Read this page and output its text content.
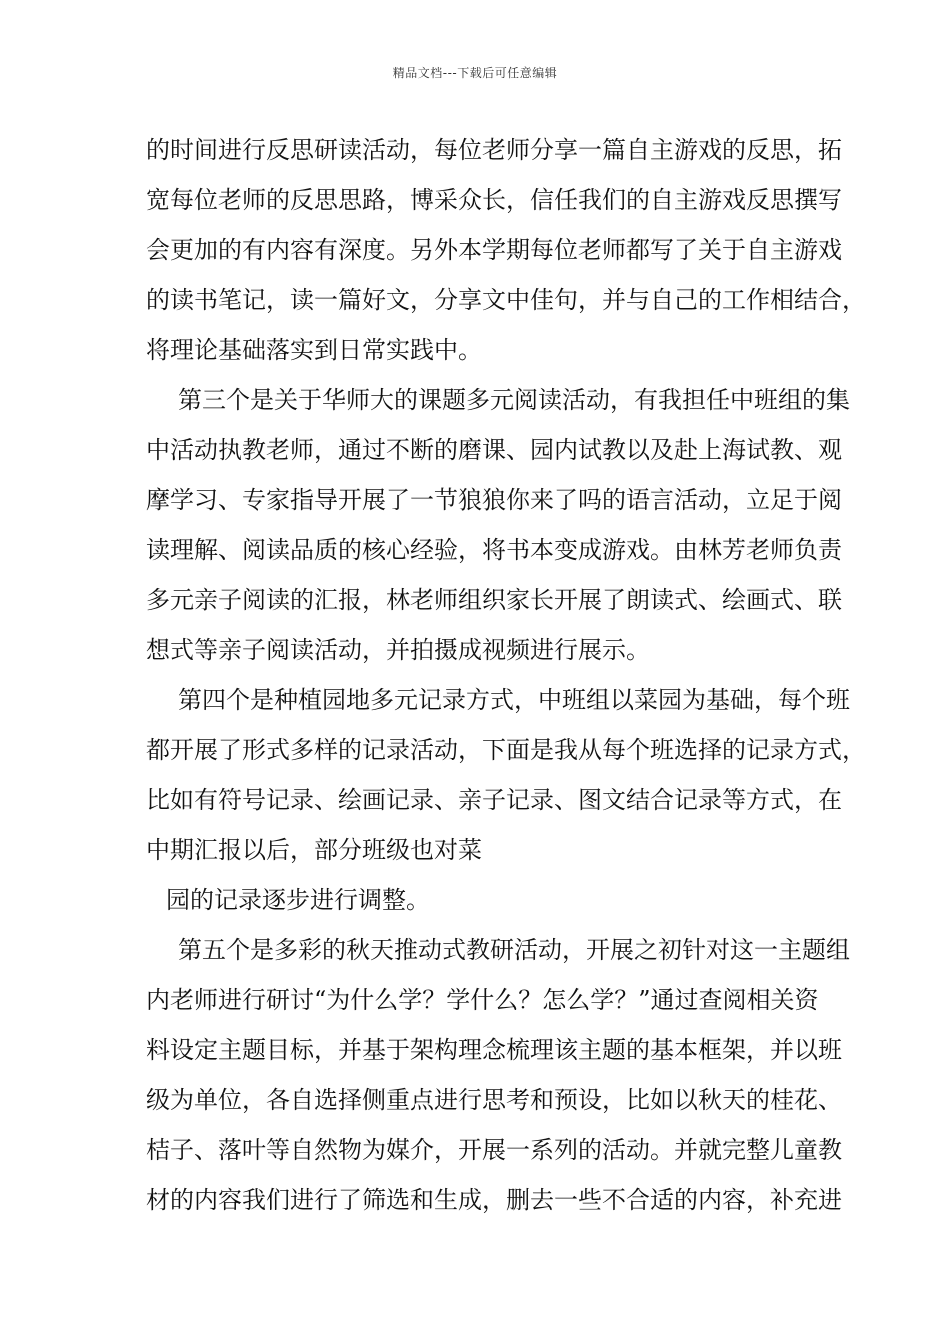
精品文档---下载后可任意编辑
的时间进行反思研读活动，每位老师分享一篇自主游戏的反思，拓
宽每位老师的反思思路，博采众长，信任我们的自主游戏反思撰写
会更加的有内容有深度。另外本学期每位老师都写了关于自主游戏
的读书笔记，读一篇好文，分享文中佳句，并与自己的工作相结合，
将理论基础落实到日常实践中。
第三个是关于华师大的课题多元阅读活动，有我担任中班组的集
中活动执教老师，通过不断的磨课、园内试教以及赴上海试教、观
摩学习、专家指导开展了一节狼狼你来了吗的语言活动，立足于阅
读理解、阅读品质的核心经验，将书本变成游戏。由林芳老师负责
多元亲子阅读的汇报，林老师组织家长开展了朗读式、绘画式、联
想式等亲子阅读活动，并拍摄成视频进行展示。
第四个是种植园地多元记录方式，中班组以菜园为基础，每个班
都开展了形式多样的记录活动，下面是我从每个班选择的记录方式，
比如有符号记录、绘画记录、亲子记录、图文结合记录等方式，在
中期汇报以后，部分班级也对菜
园的记录逐步进行调整。
第五个是多彩的秋天推动式教研活动，开展之初针对这一主题组
内老师进行研讨“为什么学？学什么？怎么学？”通过查阅相关资
料设定主题目标，并基于架构理念梳理该主题的基本框架，并以班
级为单位，各自选择侧重点进行思考和预设，比如以秋天的桂花、
桔子、落叶等自然物为媒介，开展一系列的活动。并就完整儿童教
材的内容我们进行了筛选和生成，删去一些不合适的内容，补充进
